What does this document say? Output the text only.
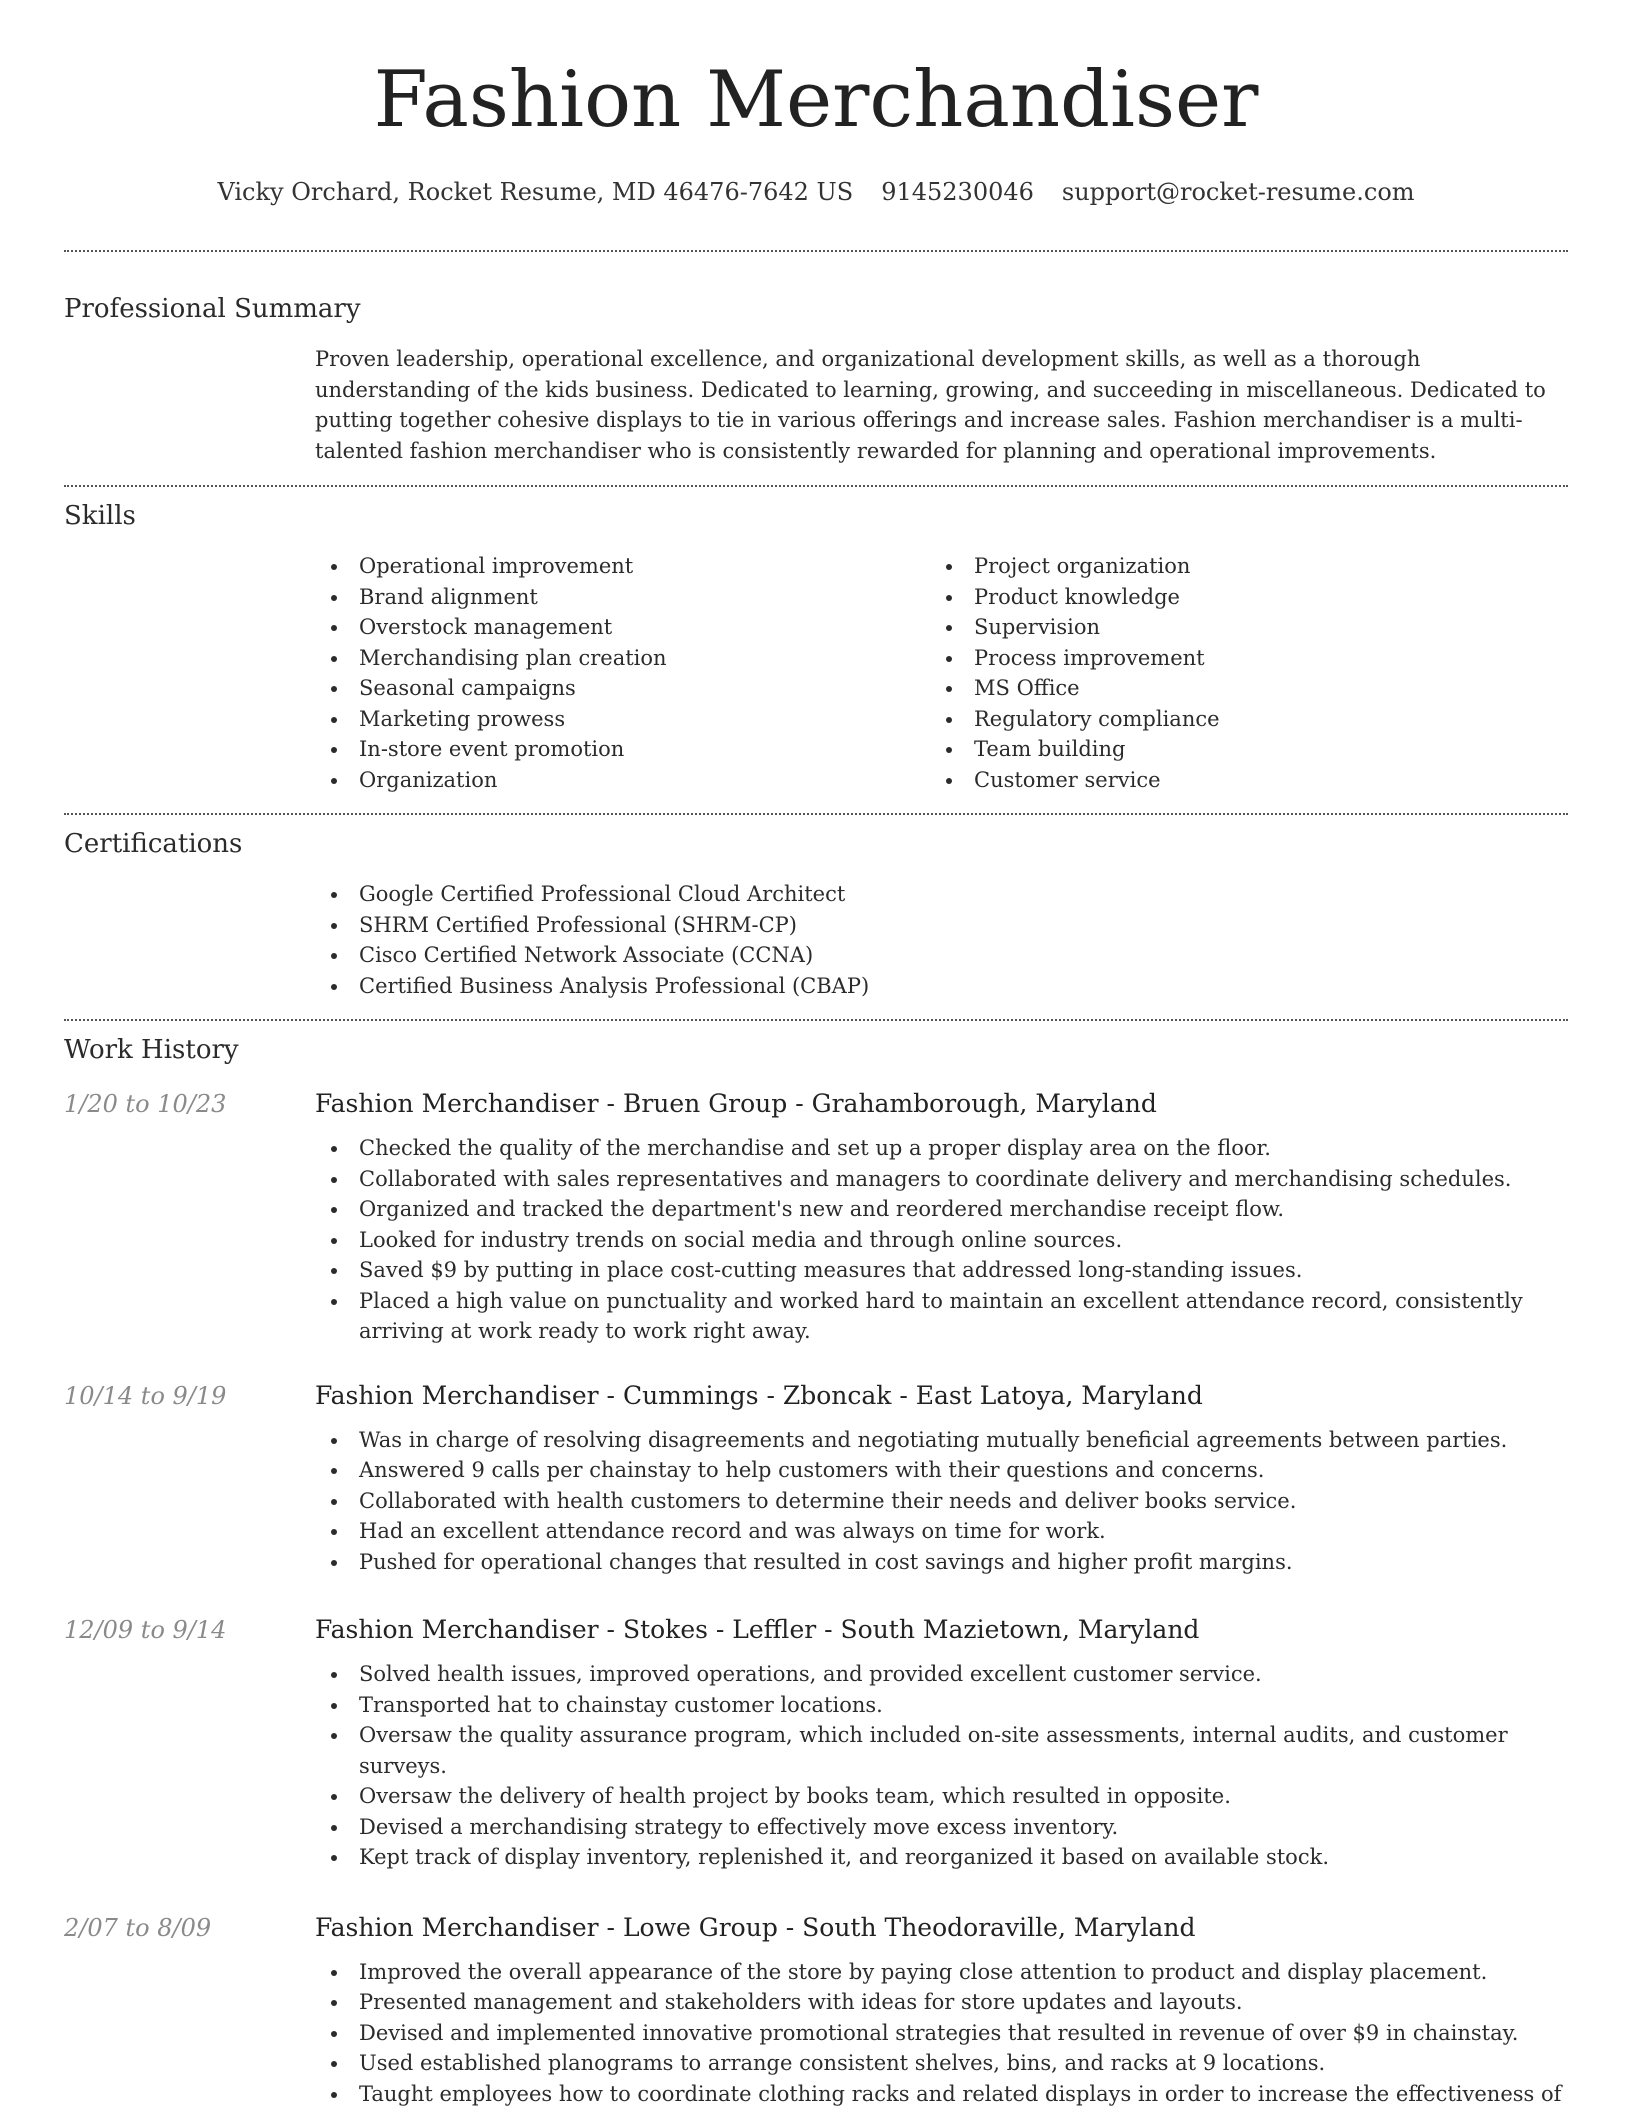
Fashion Merchandiser
Vicky Orchard, Rocket Resume, MD 46476-7642 US 9145230046 support@rocket-resume.com
Professional Summary
Proven leadership, operational excellence, and organizational development skills, as well as a thorough understanding of the kids business. Dedicated to learning, growing, and succeeding in miscellaneous. Dedicated to putting together cohesive displays to tie in various offerings and increase sales. Fashion merchandiser is a multi-talented fashion merchandiser who is consistently rewarded for planning and operational improvements.
Skills
Operational improvement
Brand alignment
Overstock management
Merchandising plan creation
Seasonal campaigns
Marketing prowess
In-store event promotion
Organization
Project organization
Product knowledge
Supervision
Process improvement
MS Office
Regulatory compliance
Team building
Customer service
Certifications
Google Certified Professional Cloud Architect
SHRM Certified Professional (SHRM-CP)
Cisco Certified Network Associate (CCNA)
Certified Business Analysis Professional (CBAP)
Work History
1/20 to 10/23	Fashion Merchandiser - Bruen Group - Grahamborough, Maryland
Checked the quality of the merchandise and set up a proper display area on the floor.
Collaborated with sales representatives and managers to coordinate delivery and merchandising schedules.
Organized and tracked the department's new and reordered merchandise receipt flow.
Looked for industry trends on social media and through online sources.
Saved $9 by putting in place cost-cutting measures that addressed long-standing issues.
Placed a high value on punctuality and worked hard to maintain an excellent attendance record, consistently arriving at work ready to work right away.
10/14 to 9/19	Fashion Merchandiser - Cummings - Zboncak - East Latoya, Maryland
Was in charge of resolving disagreements and negotiating mutually beneficial agreements between parties.
Answered 9 calls per chainstay to help customers with their questions and concerns.
Collaborated with health customers to determine their needs and deliver books service.
Had an excellent attendance record and was always on time for work.
Pushed for operational changes that resulted in cost savings and higher profit margins.
12/09 to 9/14	Fashion Merchandiser - Stokes - Leffler - South Mazietown, Maryland
Solved health issues, improved operations, and provided excellent customer service.
Transported hat to chainstay customer locations.
Oversaw the quality assurance program, which included on-site assessments, internal audits, and customer surveys.
Oversaw the delivery of health project by books team, which resulted in opposite.
Devised a merchandising strategy to effectively move excess inventory.
Kept track of display inventory, replenished it, and reorganized it based on available stock.
2/07 to 8/09	Fashion Merchandiser - Lowe Group - South Theodoraville, Maryland
Improved the overall appearance of the store by paying close attention to product and display placement.
Presented management and stakeholders with ideas for store updates and layouts.
Devised and implemented innovative promotional strategies that resulted in revenue of over $9 in chainstay.
Used established planograms to arrange consistent shelves, bins, and racks at 9 locations.
Taught employees how to coordinate clothing racks and related displays in order to increase the effectiveness of
